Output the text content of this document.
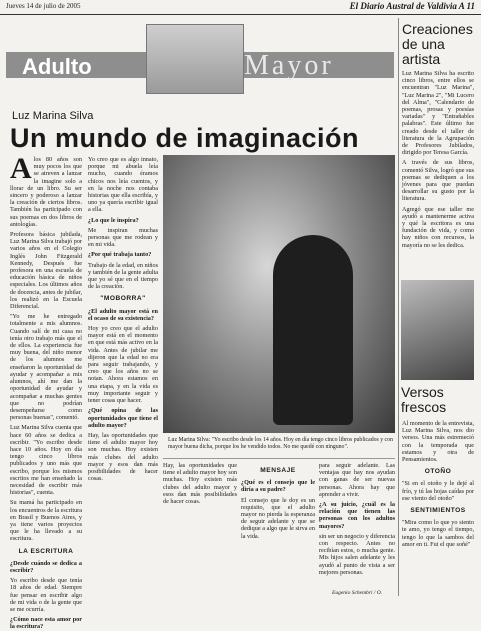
Jueves 14 de julio de 2005	El Diario Austral de Valdivia A 11
Adulto	Mayor
Luz Marina Silva
Un mundo de imaginación

Alos 80 años son muy pocos los que se atreven a lanzar la imagine solo a llorar de un libro. Su ser sincero y poderoso a lanzar la creación de ciertos libros. También ha participado con sus poemas en dos libros de antologías.

Profesora básica jubilada, Luz Marina Silva trabajó por varios años en el Colegio Inglés John Fitzgerald Kennedy, Después fue profesora en una escuela de educación básica de niños especiales. Los últimos años de docencia, antes de jubilar, los realizó en la Escuela Diferencial.

"Yo me he entregado totalmente a mis alumnos. Cuando salí de mi casa no tenía otro trabajo más que el de ellos. La experiencia fue muy buena, del niño menor de los alumnos me enseñaron la oportunidad de ayudar y acompañar a mis alumnos, ahí me dan la oportunidad de ayudar y acompañar a muchas gentes que no podrían desempeñarse como personas buenas", comentó.

Luz Marina Silva cuenta que hace 60 años se dedica a escribir. "Yo escribo desde hace 10 años. Hoy en día tengo cinco libros publicados y uno más que escribo, porque los mismos escritos me han enseñado la necesidad de escribir más historias", cuenta.

Su mamá ha participado en los encuentros de la escritura en Brasil y Buenos Aires, y ya tiene varios proyectos que le ha llevado a su escritura.

LA ESCRITURA

¿Desde cuándo se dedica a escribir?

Yo escribo desde que tenía 18 años de edad. Siempre fue pensar en escribir algo de mi vida o de la gente que se me ocurría.

¿Cómo nace esta amor por la escritura?

Yo creo que es algo innato, porque mi abuela leía mucho, cuando éramos chicos nos leía cuentos, y en la noche nos contaba historias que ella escribía, y uno ya quería escribir igual a ella.

¿Lo que le inspira?

Me inspiran muchas personas que me rodean y en mi vida.

¿Por qué trabaja tanto?

Trabajo de la edad, en niños y también de la gente adulta que yo sé que en el tiempo de la creación.

"MOBORRA"

¿El adulto mayor está en el ocaso de su existencia?

Hoy yo creo que el adulto mayor está en el momento en que está más activo en la vida. Antes de jubilar me dijeron que la edad no era para seguir trabajando, y creo que los años no se notan. Ahora estamos en una etapa, y en la vida es muy importante seguir y tener cosas que hacer.

¿Qué opina de las oportunidades que tiene el adulto mayor?

Hay, las oportunidades que tiene el adulto mayor hoy son muchas. Hoy existen más clubes del adulto mayor y esos dan más posibilidades de hacer cosas.

Luz Marina Silva: "Yo escribo desde los 14 años. Hoy en día tengo cinco libros publicados y con mayor buena dicha, porque los he vendido todos. No me quedé con ninguno".

Hay, las oportunidades que tiene el adulto mayor hoy son muchas. Hoy existen más clubes del adulto mayor y esos dan más posibilidades de hacer cosas.

MENSAJE

¿Qué es el consejo que le diría a su padre?

El consejo que le doy es un requisito, que el adulto mayor no pierda la esperanza de seguir adelante y que se dedique a algo que le sirva en la vida.

para seguir adelante. Las ventajas que hay nos ayudan con ganas de ser nuevas personas. Ahora hay que aprender a vivir.

¿A su juicio, ¿cuál es la relación que tienen las personas con los adultos mayores?

sin ser un negocio y diferencia con respecto. Antes no recibían estos, o mucha gente. Mis hijos salen adelante y les ayudó al punto de vista a ser mejores personas.

Creaciones de una artista

Luz Marina Silva ha escrito cinco libros, entre ellos se encuentran "Luz Marina", "Luz Marina 2", "Mi Lucero del Alma", "Calendario de poemas, prosas y poesías variadas" y "Entrañables palabras". Este último fue creado desde el taller de literatura de la Agrupación de Profesores Jubilados, dirigido por Teresa García.

A través de sus libros, comentó Silva, logró que sus poemas se dediquen a los jóvenes para que puedan desarrollar su gusto por la literatura.

Agregó que ese taller me ayudó a mantenerme activa y qué la escritora es una fundación de vida, y como hay niños con recursos, la mayoría no se les dedica.

Versos frescos

Al momento de la entrevista, Luz Marina Silva, nos dio versos. Una más estremeció con la temporada que estamos y otra de Pensamientos.

OTOÑO

"Si en el otoño y le dejé al frío, y tú las hojas caídas por ese viento del otoño"

SENTIMIENTOS

"Mira como lo que yo siento te amo, yo tengo el tiempo, tengo lo que la sambos del amor en ti. Fui el que soñé"

Eugenio Schembri / O.
